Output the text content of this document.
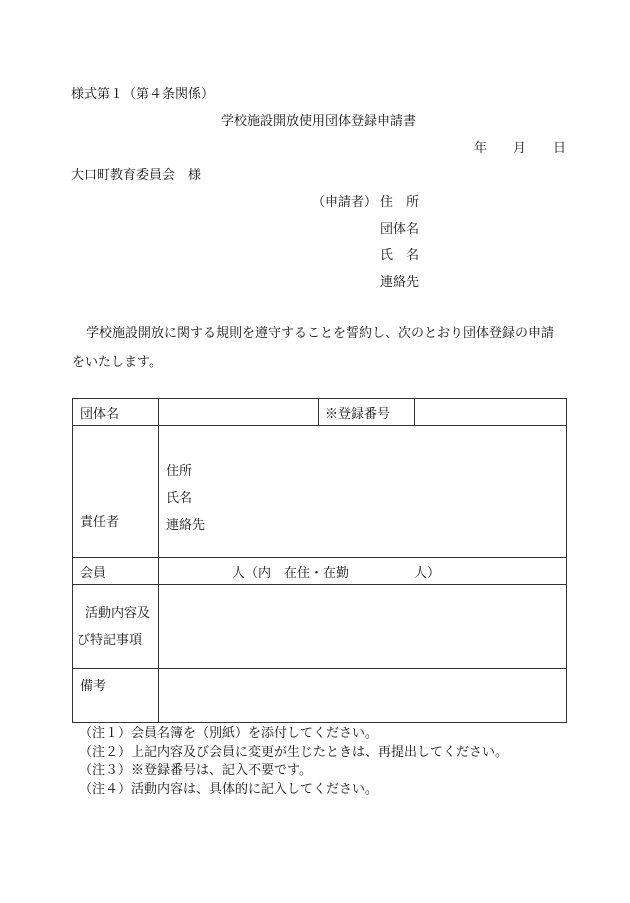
様式第１（第４条関係）
学校施設開放使用団体登録申請書
年 月 日
大口町教育委員会　様
（申請者） 住　所
団体名
氏　名
連絡先
学校施設開放に関する規則を遵守することを誓約し、次のとおり団体登録の申請
をいたします。
団体名		※登録番号	
責任者	住所
氏名
連絡先		

会員	人（内　在住・在勤　　　　　人）		

活動内容及
び特記事項			

備考			
（注１）会員名簿を（別紙）を添付してください。
（注２）上記内容及び会員に変更が生じたときは、再提出してください。
（注３）※登録番号は、記入不要です。
（注４）活動内容は、具体的に記入してください。
